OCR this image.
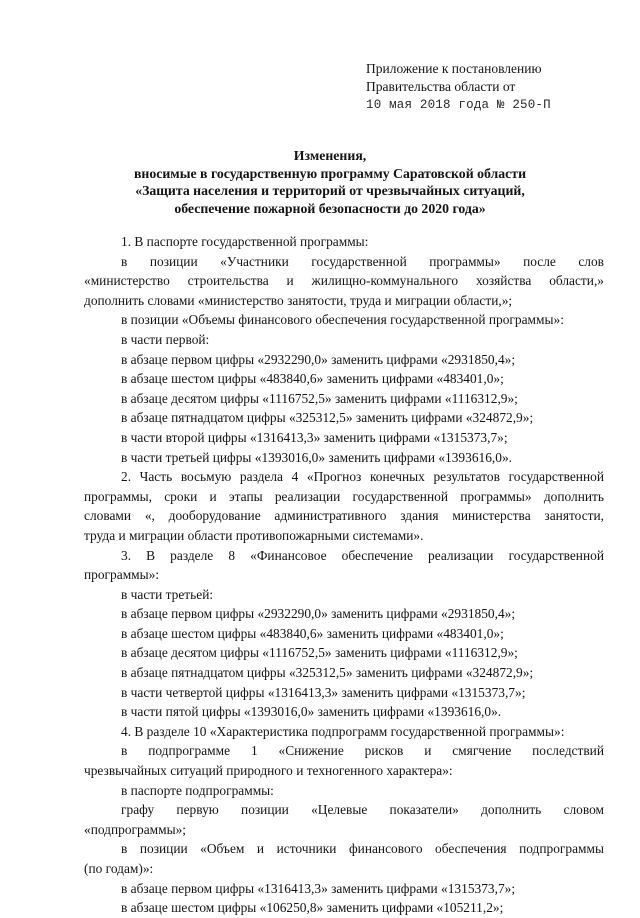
Приложение к постановлению
Правительства области от
10 мая 2018 года № 250-П
Изменения,
вносимые в государственную программу Саратовской области
«Защита населения и территорий от чрезвычайных ситуаций,
обеспечение пожарной безопасности до 2020 года»
1. В паспорте государственной программы:
в позиции «Участники государственной программы» после слов
«министерство строительства и жилищно-коммунального хозяйства области,»
дополнить словами «министерство занятости, труда и миграции области,»;
в позиции «Объемы финансового обеспечения государственной программы»:
в части первой:
в абзаце первом цифры «2932290,0» заменить цифрами «2931850,4»;
в абзаце шестом цифры «483840,6» заменить цифрами «483401,0»;
в абзаце десятом цифры «1116752,5» заменить цифрами «1116312,9»;
в абзаце пятнадцатом цифры «325312,5» заменить цифрами «324872,9»;
в части второй цифры «1316413,3» заменить цифрами «1315373,7»;
в части третьей цифры «1393016,0» заменить цифрами «1393616,0».
2. Часть восьмую раздела 4 «Прогноз конечных результатов государственной
программы, сроки и этапы реализации государственной программы» дополнить
словами «, дооборудование административного здания министерства занятости,
труда и миграции области противопожарными системами».
3. В разделе 8 «Финансовое обеспечение реализации государственной
программы»:
в части третьей:
в абзаце первом цифры «2932290,0» заменить цифрами «2931850,4»;
в абзаце шестом цифры «483840,6» заменить цифрами «483401,0»;
в абзаце десятом цифры «1116752,5» заменить цифрами «1116312,9»;
в абзаце пятнадцатом цифры «325312,5» заменить цифрами «324872,9»;
в части четвертой цифры «1316413,3» заменить цифрами «1315373,7»;
в части пятой цифры «1393016,0» заменить цифрами «1393616,0».
4. В разделе 10 «Характеристика подпрограмм государственной программы»:
в подпрограмме 1 «Снижение рисков и смягчение последствий
чрезвычайных ситуаций природного и техногенного характера»:
в паспорте подпрограммы:
графу первую позиции «Целевые показатели» дополнить словом
«подпрограммы»;
в позиции «Объем и источники финансового обеспечения подпрограммы
(по годам)»:
в абзаце первом цифры «1316413,3» заменить цифрами «1315373,7»;
в абзаце шестом цифры «106250,8» заменить цифрами «105211,2»;
